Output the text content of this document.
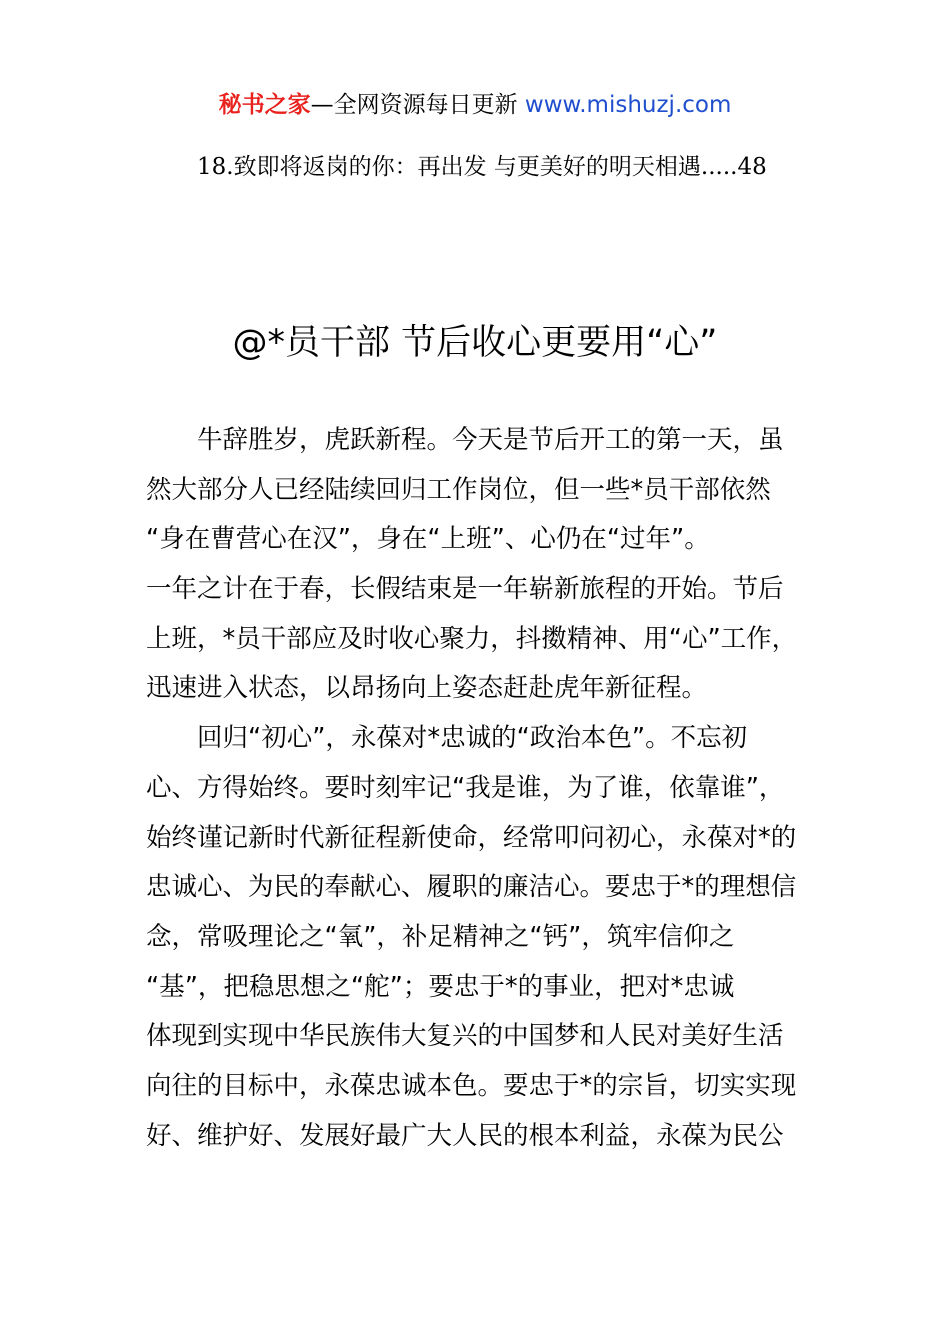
秘书之家—全网资源每日更新 www.mishuzj.com
18.致即将返岗的你：再出发 与更美好的明天相遇.....48
@*员干部 节后收心更要用“心”
牛辞胜岁，虎跃新程。今天是节后开工的第一天，虽
然大部分人已经陆续回归工作岗位，但一些*员干部依然
“身在曹营心在汉”，身在“上班”、心仍在“过年”。
一年之计在于春，长假结束是一年崭新旅程的开始。节后
上班，*员干部应及时收心聚力，抖擞精神、用“心”工作，
迅速进入状态，以昂扬向上姿态赶赴虎年新征程。
回归“初心”，永葆对*忠诚的“政治本色”。不忘初
心、方得始终。要时刻牢记“我是谁，为了谁，依靠谁”，
始终谨记新时代新征程新使命，经常叩问初心，永葆对*的
忠诚心、为民的奉献心、履职的廉洁心。要忠于*的理想信
念，常吸理论之“氧”，补足精神之“钙”，筑牢信仰之
“基”，把稳思想之“舵”；要忠于*的事业，把对*忠诚
体现到实现中华民族伟大复兴的中国梦和人民对美好生活
向往的目标中，永葆忠诚本色。要忠于*的宗旨，切实实现
好、维护好、发展好最广大人民的根本利益，永葆为民公
